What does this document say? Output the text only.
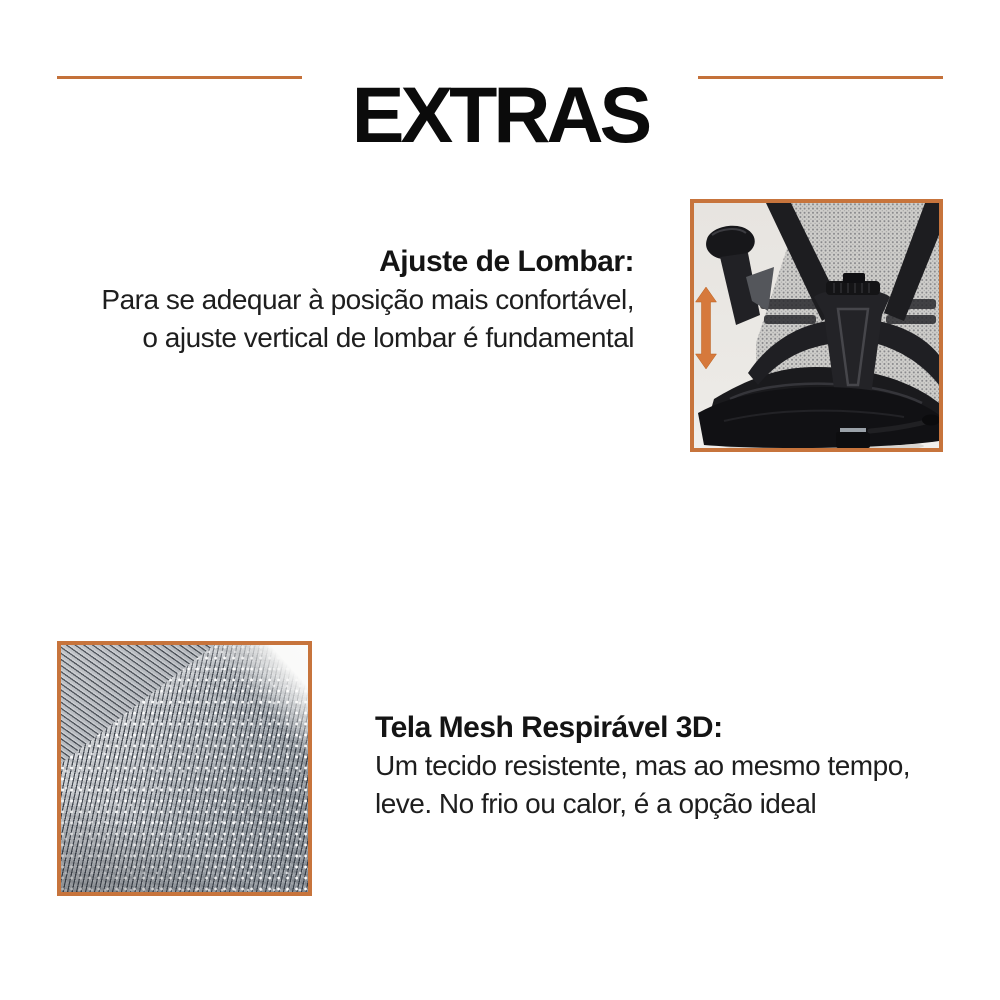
EXTRAS
Ajuste de Lombar:
Para se adequar à posição mais confortável,
o ajuste vertical de lombar é fundamental
Tela Mesh Respirável 3D:
Um tecido resistente, mas ao mesmo tempo,
leve. No frio ou calor, é a opção ideal
